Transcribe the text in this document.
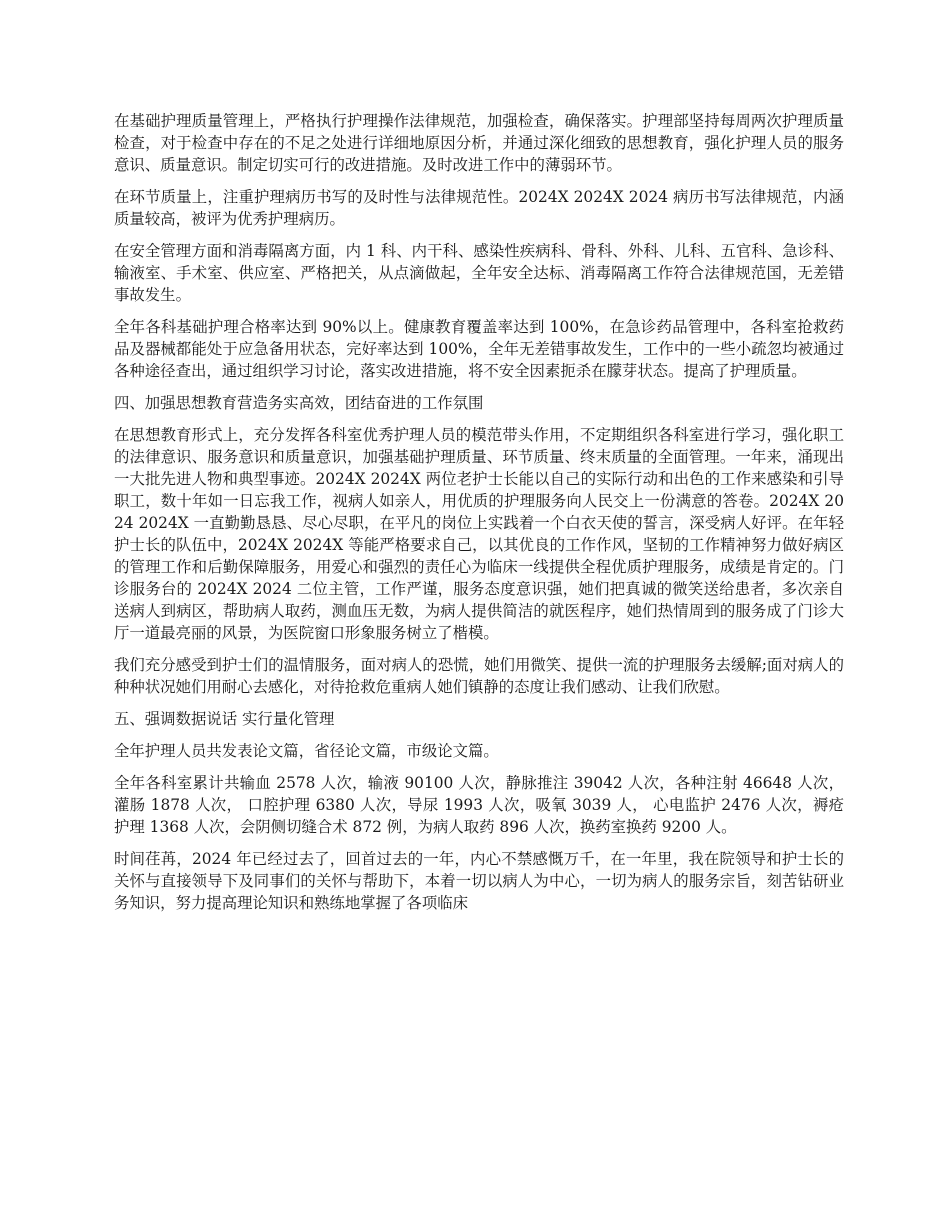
在基础护理质量管理上，严格执行护理操作法律规范，加强检查，确保落实。护理部坚持每周两次护理质量检查，对于检查中存在的不足之处进行详细地原因分析，并通过深化细致的思想教育，强化护理人员的服务意识、质量意识。制定切实可行的改进措施。及时改进工作中的薄弱环节。

在环节质量上，注重护理病历书写的及时性与法律规范性。2024X 2024X 2024 病历书写法律规范，内涵质量较高，被评为优秀护理病历。

在安全管理方面和消毒隔离方面，内 1 科、内干科、感染性疾病科、骨科、外科、儿科、五官科、急诊科、输液室、手术室、供应室、严格把关，从点滴做起，全年安全达标、消毒隔离工作符合法律规范国，无差错事故发生。

全年各科基础护理合格率达到 90%以上。健康教育覆盖率达到 100%，在急诊药品管理中，各科室抢救药品及器械都能处于应急备用状态，完好率达到 100%，全年无差错事故发生，工作中的一些小疏忽均被通过各种途径查出，通过组织学习讨论，落实改进措施，将不安全因素扼杀在朦芽状态。提高了护理质量。

四、加强思想教育营造务实高效，团结奋进的工作氛围

在思想教育形式上，充分发挥各科室优秀护理人员的模范带头作用，不定期组织各科室进行学习，强化职工的法律意识、服务意识和质量意识，加强基础护理质量、环节质量、终末质量的全面管理。一年来，涌现出一大批先进人物和典型事迹。2024X 2024X 两位老护士长能以自己的实际行动和出色的工作来感染和引导职工，数十年如一日忘我工作，视病人如亲人，用优质的护理服务向人民交上一份满意的答卷。2024X 2024 2024X 一直勤勤恳恳、尽心尽职，在平凡的岗位上实践着一个白衣天使的誓言，深受病人好评。在年轻护士长的队伍中，2024X 2024X 等能严格要求自己，以其优良的工作作风，坚韧的工作精神努力做好病区的管理工作和后勤保障服务，用爱心和强烈的责任心为临床一线提供全程优质护理服务，成绩是肯定的。门诊服务台的 2024X 2024 二位主管，工作严谨，服务态度意识强，她们把真诚的微笑送给患者，多次亲自送病人到病区，帮助病人取药，测血压无数，为病人提供简洁的就医程序，她们热情周到的服务成了门诊大厅一道最亮丽的风景，为医院窗口形象服务树立了楷模。

我们充分感受到护士们的温情服务，面对病人的恐慌，她们用微笑、提供一流的护理服务去缓解;面对病人的种种状况她们用耐心去感化，对待抢救危重病人她们镇静的态度让我们感动、让我们欣慰。

五、强调数据说话 实行量化管理

全年护理人员共发表论文篇，省径论文篇，市级论文篇。

全年各科室累计共输血 2578 人次，输液 90100 人次，静脉推注 39042 人次，各种注射 46648 人次，灌肠 1878 人次， 口腔护理 6380 人次，导尿 1993 人次，吸氧 3039 人， 心电监护 2476 人次，褥疮护理 1368 人次，会阴侧切缝合术 872 例，为病人取药 896 人次，换药室换药 9200 人。

时间荏苒，2024 年已经过去了，回首过去的一年，内心不禁感慨万千，在一年里，我在院领导和护士长的关怀与直接领导下及同事们的关怀与帮助下，本着一切以病人为中心，一切为病人的服务宗旨，刻苦钻研业务知识，努力提高理论知识和熟练地掌握了各项临床
